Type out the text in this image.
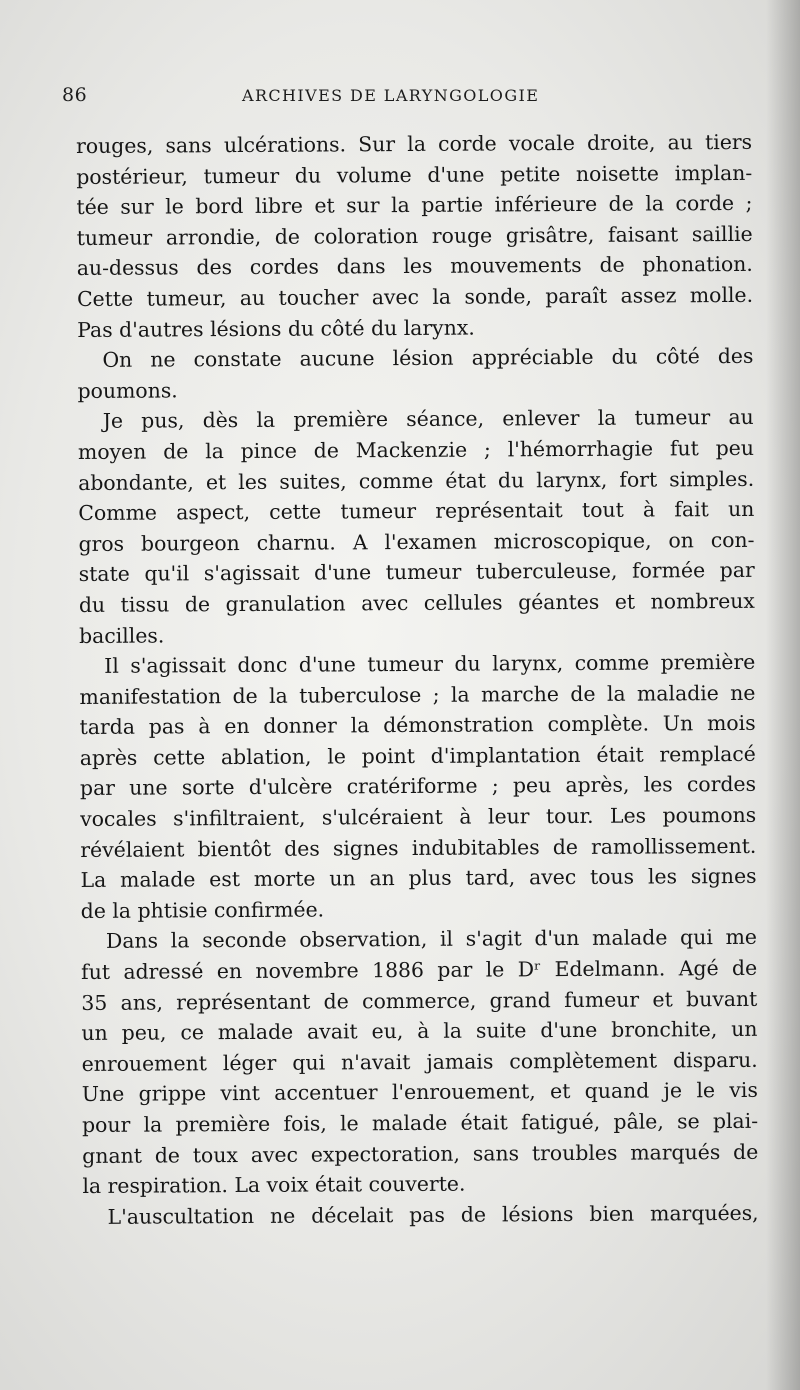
86	ARCHIVES DE LARYNGOLOGIE
rouges, sans ulcérations. Sur la corde vocale droite, au tiers
postérieur, tumeur du volume d'une petite noisette implan-
tée sur le bord libre et sur la partie inférieure de la corde ;
tumeur arrondie, de coloration rouge grisâtre, faisant saillie
au-dessus des cordes dans les mouvements de phonation.
Cette tumeur, au toucher avec la sonde, paraît assez molle.
Pas d'autres lésions du côté du larynx.
On ne constate aucune lésion appréciable du côté des
poumons.
Je pus, dès la première séance, enlever la tumeur au
moyen de la pince de Mackenzie ; l'hémorrhagie fut peu
abondante, et les suites, comme état du larynx, fort simples.
Comme aspect, cette tumeur représentait tout à fait un
gros bourgeon charnu. A l'examen microscopique, on con-
state qu'il s'agissait d'une tumeur tuberculeuse, formée par
du tissu de granulation avec cellules géantes et nombreux
bacilles.
Il s'agissait donc d'une tumeur du larynx, comme première
manifestation de la tuberculose ; la marche de la maladie ne
tarda pas à en donner la démonstration complète. Un mois
après cette ablation, le point d'implantation était remplacé
par une sorte d'ulcère cratériforme ; peu après, les cordes
vocales s'infiltraient, s'ulcéraient à leur tour. Les poumons
révélaient bientôt des signes indubitables de ramollissement.
La malade est morte un an plus tard, avec tous les signes
de la phtisie confirmée.
Dans la seconde observation, il s'agit d'un malade qui me
fut adressé en novembre 1886 par le Dʳ Edelmann. Agé de
35 ans, représentant de commerce, grand fumeur et buvant
un peu, ce malade avait eu, à la suite d'une bronchite, un
enrouement léger qui n'avait jamais complètement disparu.
Une grippe vint accentuer l'enrouement, et quand je le vis
pour la première fois, le malade était fatigué, pâle, se plai-
gnant de toux avec expectoration, sans troubles marqués de
la respiration. La voix était couverte.
L'auscultation ne décelait pas de lésions bien marquées,
